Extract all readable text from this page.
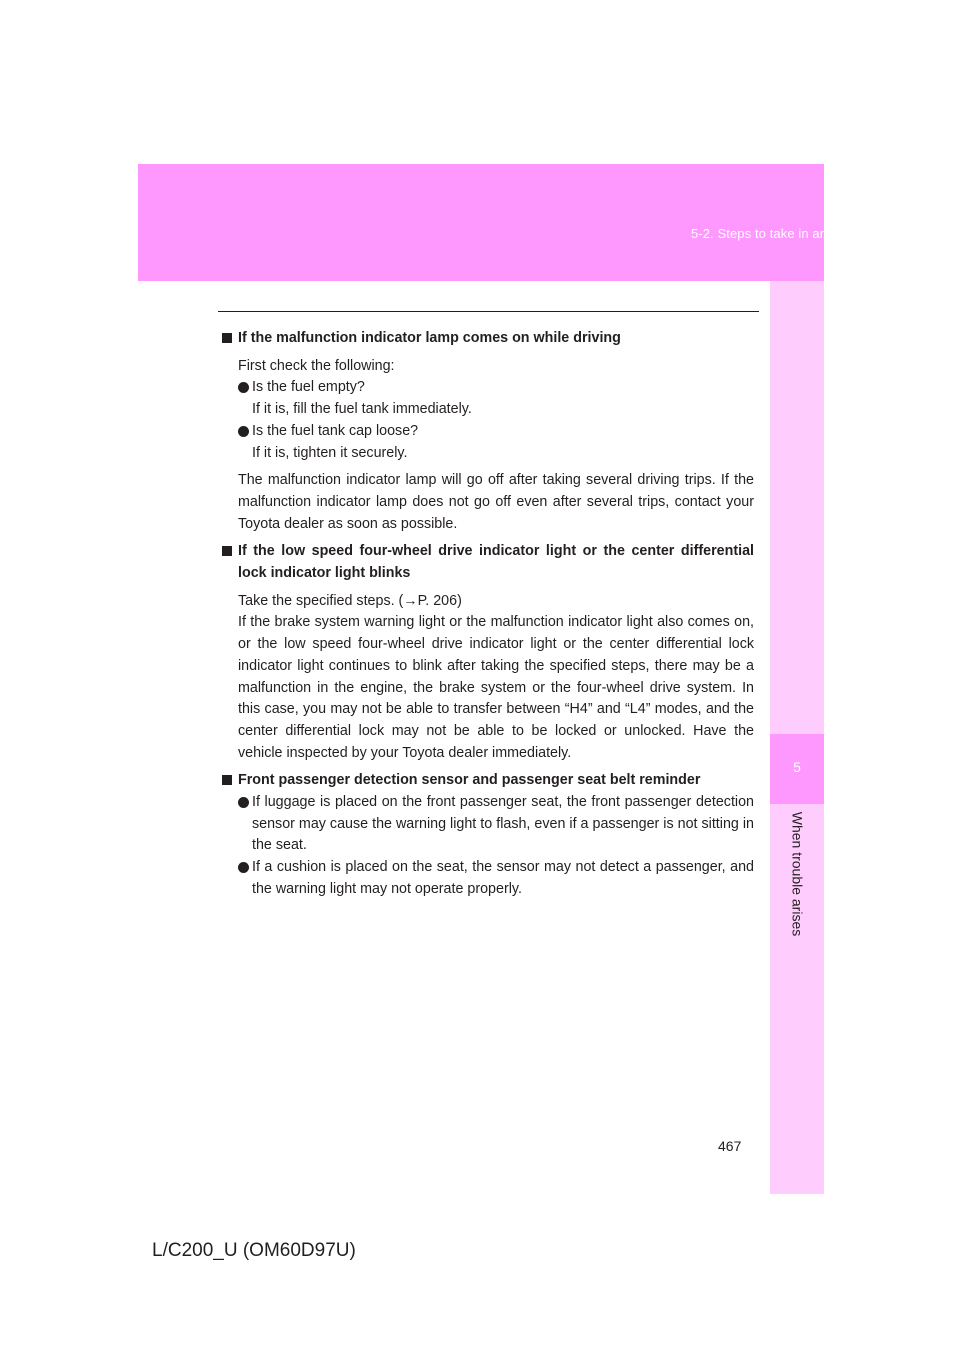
5-2. Steps to take in an emergency
5
When trouble arises

If the malfunction indicator lamp comes on while driving

First check the following:

Is the fuel empty?
If it is, fill the fuel tank immediately.

Is the fuel tank cap loose?
If it is, tighten it securely.

The malfunction indicator lamp will go off after taking several driving trips. If the malfunction indicator lamp does not go off even after several trips, contact your Toyota dealer as soon as possible.

If the low speed four-wheel drive indicator light or the center differential lock indicator light blinks

Take the specified steps. (→P. 206)
If the brake system warning light or the malfunction indicator light also comes on, or the low speed four-wheel drive indicator light or the center differential lock indicator light continues to blink after taking the specified steps, there may be a malfunction in the engine, the brake system or the four-wheel drive system. In this case, you may not be able to transfer between “H4” and “L4” modes, and the center differential lock may not be able to be locked or unlocked. Have the vehicle inspected by your Toyota dealer immediately.

Front passenger detection sensor and passenger seat belt reminder

If luggage is placed on the front passenger seat, the front passenger detection sensor may cause the warning light to flash, even if a passenger is not sitting in the seat.

If a cushion is placed on the seat, the sensor may not detect a passenger, and the warning light may not operate properly.

467
L/C200_U (OM60D97U)
